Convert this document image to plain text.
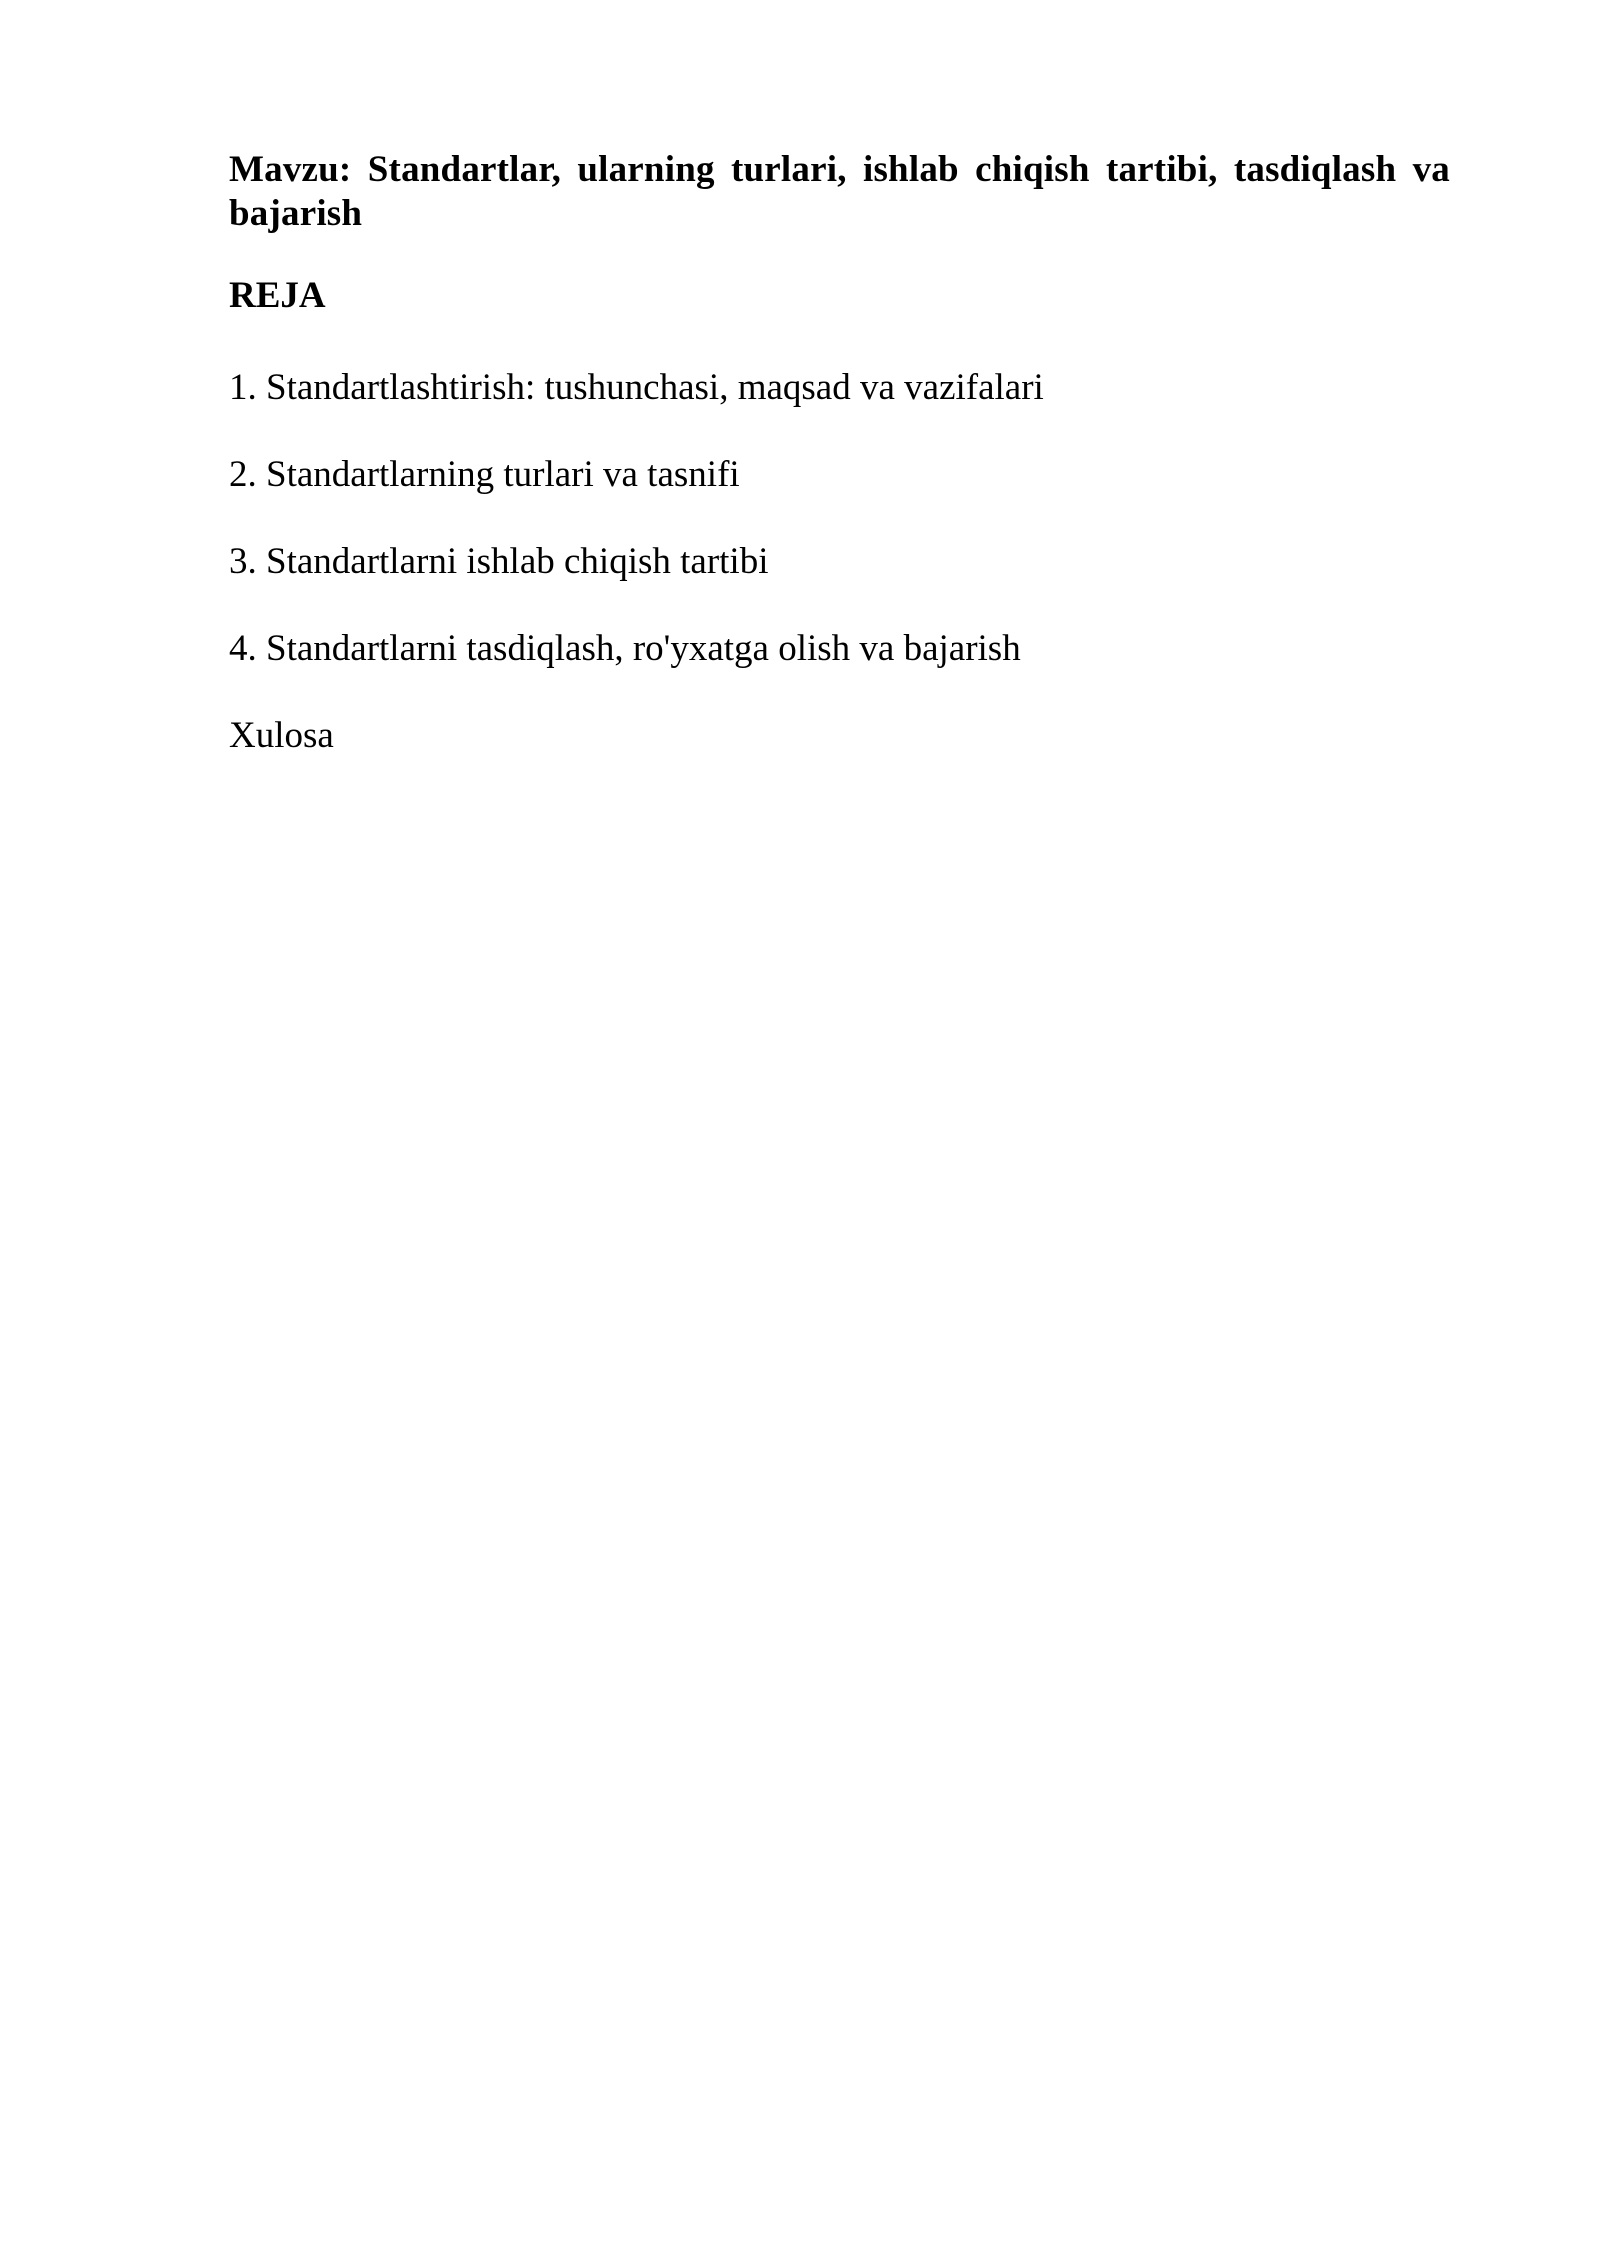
Mavzu: Standartlar, ularning turlari, ishlab chiqish tartibi, tasdiqlash va bajarish

REJA

1. Standartlashtirish: tushunchasi, maqsad va vazifalari
2. Standartlarning turlari va tasnifi
3. Standartlarni ishlab chiqish tartibi
4. Standartlarni tasdiqlash, ro'yxatga olish va bajarish

Xulosa
